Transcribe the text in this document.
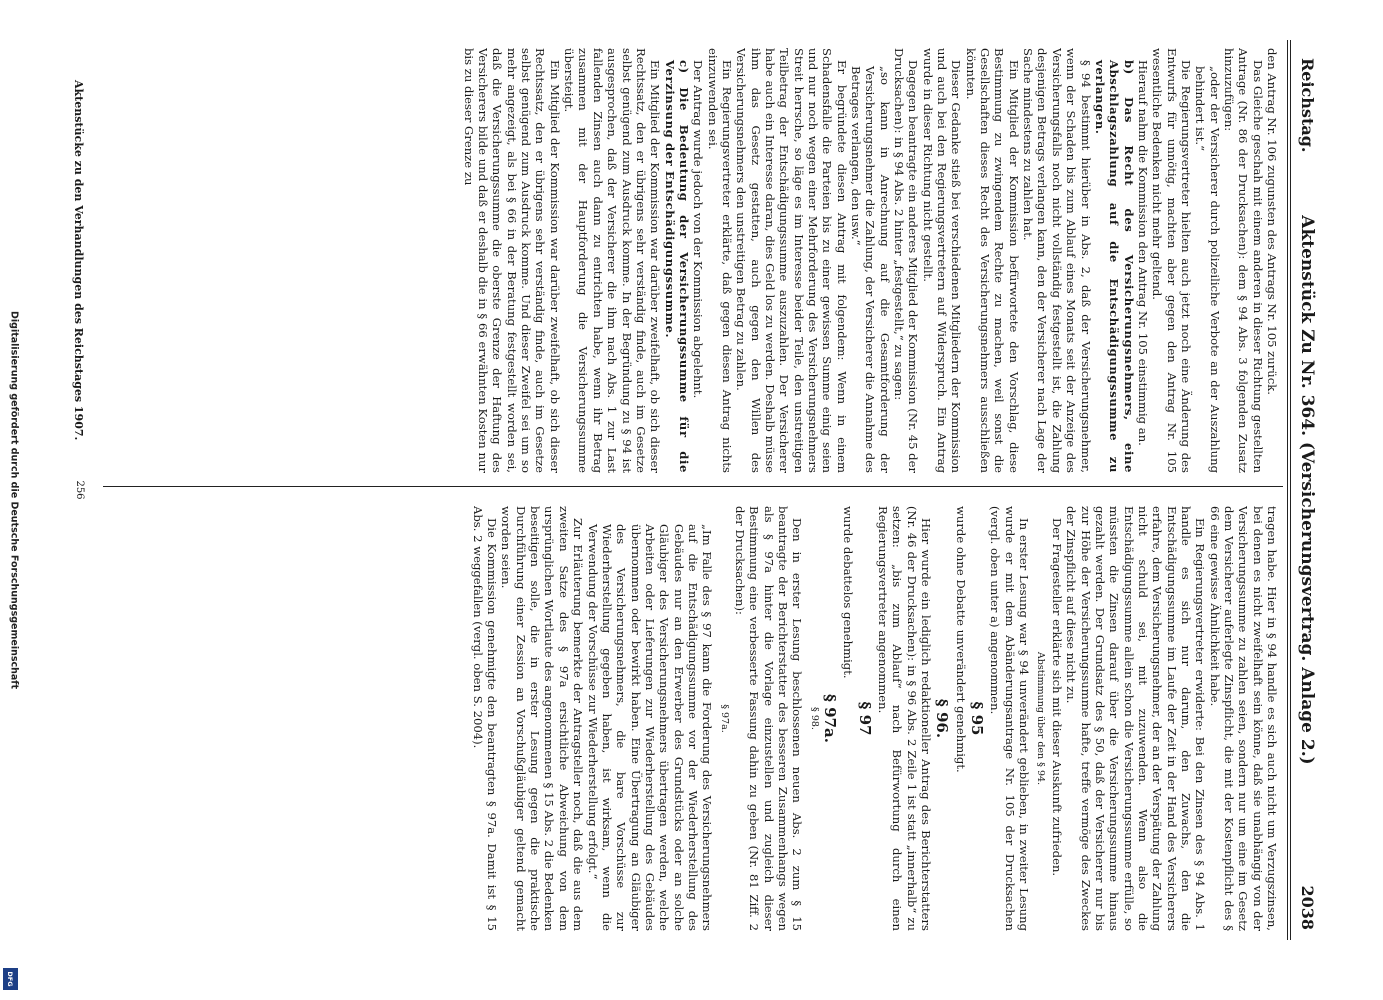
Reichstag.
Aktenstück Zu Nr. 364. (Versicherungsvertrag. Anlage 2.)
2038

den Antrag Nr. 106 zugunsten des Antrags Nr. 105 zurück.

Das Gleiche geschah mit einem anderen in dieser Richtung gestellten Antrage (Nr. 86 der Drucksachen): dem § 94 Abs. 3 folgenden Zusatz hinzuzufügen:

„oder der Versicherer durch polizeiliche Verbote an der Auszahlung behindert ist.“

Die Regierungsvertreter hielten auch jetzt noch eine Änderung des Entwurfs für unnötig, machten aber gegen den Antrag Nr. 105 wesentliche Bedenken nicht mehr geltend.

Hierauf nahm die Kommission den Antrag Nr. 105 einstimmig an.

b) Das Recht des Versicherungsnehmers, eine Abschlagszahlung auf die Entschädigungssumme zu verlangen.

§ 94 bestimmt hierüber in Abs. 2, daß der Versicherungsnehmer, wenn der Schaden bis zum Ablauf eines Monats seit der Anzeige des Versicherungsfalls noch nicht vollständig festgestellt ist, die Zahlung desjenigen Betrags verlangen kann, den der Versicherer nach Lage der Sache mindestens zu zahlen hat.

Ein Mitglied der Kommission befürwortete den Vorschlag, diese Bestimmung zu zwingendem Rechte zu machen, weil sonst die Gesellschaften dieses Recht des Versicherungsnehmers ausschließen könnten.

Dieser Gedanke stieß bei verschiedenen Mitgliedern der Kommission und auch bei den Regierungsvertretern auf Widerspruch. Ein Antrag wurde in dieser Richtung nicht gestellt.

Dagegen beantragte ein anderes Mitglied der Kommission (Nr. 45 der Drucksachen): in § 94 Abs. 2 hinter „festgestellt,“ zu sagen:

„so kann in Anrechnung auf die Gesamtforderung der Versicherungsnehmer die Zahlung, der Versicherer die Annahme des Betrages verlangen, den usw.“

Er begründete diesen Antrag mit folgendem: Wenn in einem Schadensfalle die Parteien bis zu einer gewissen Summe einig seien und nur noch wegen einer Mehrforderung des Versicherungsnehmers Streit herrsche, so läge es im Interesse beider Teile, den unstreitigen Teilbetrag der Entschädigungssumme auszuzahlen. Der Versicherer habe auch ein Interesse daran, dies Geld los zu werden. Deshalb müsse ihm das Gesetz gestatten, auch gegen den Willen des Versicherungsnehmers den unstreitigen Betrag zu zahlen.

Ein Regierungsvertreter erklärte, daß gegen diesen Antrag nichts einzuwenden sei.

Der Antrag wurde jedoch von der Kommission abgelehnt.

c) Die Bedeutung der Versicherungssumme für die Verzinsung der Entschädigungssumme.

Ein Mitglied der Kommission war darüber zweifelhaft, ob sich dieser Rechtssatz, den er übrigens sehr verständig finde, auch im Gesetze selbst genügend zum Ausdruck komme. In der Begründung zu § 94 ist ausgesprochen, daß der Versicherer die ihm nach Abs. 1 zur Last fallenden Zinsen auch dann zu entrichten habe, wenn ihr Betrag zusammen mit der Hauptforderung die Versicherungssumme übersteigt.

Ein Mitglied der Kommission war darüber zweifelhaft, ob sich dieser Rechtssatz, den er übrigens sehr verständig finde, auch im Gesetze selbst genügend zum Ausdruck komme. Und dieser Zweifel sei um so mehr angezeigt, als bei § 66 in der Beratung festgestellt worden sei, daß die Versicherungssumme die oberste Grenze der Haftung des Versicherers bilde und daß er deshalb die in § 66 erwähnten Kosten nur bis zu dieser Grenze zu

tragen habe. Hier in § 94 handle es sich auch nicht um Verzugszinsen, bei denen es nicht zweifelhaft sein könne, daß sie unabhängig von der Versicherungssumme zu zahlen seien, sondern nur um eine im Gesetz dem Versicherer auferlegte Zinspflicht, die mit der Kostenpflicht des § 66 eine gewisse Ähnlichkeit habe.

Ein Regierungsvertreter erwiderte: Bei den Zinsen des § 94 Abs. 1 handle es sich nur darum, den Zuwachs, den die Entschädigungssumme im Laufe der Zeit in der Hand des Versicherers erfahre, dem Versicherungsnehmer, der an der Verspätung der Zahlung nicht schuld sei, mit zuzuwenden. Wenn also die Entschädigungssumme allein schon die Versicherungssumme erfülle, so müssten die Zinsen darauf über die Versicherungssumme hinaus gezahlt werden. Der Grundsatz des § 50, daß der Versicherer nur bis zur Höhe der Versicherungssumme hafte, treffe vermöge des Zweckes der Zinspflicht auf diese nicht zu.

Der Fragesteller erklärte sich mit dieser Auskunft zufrieden.

Abstimmung über den § 94.

In erster Lesung war § 94 unverändert geblieben, in zweiter Lesung wurde er mit dem Abänderungsantrage Nr. 105 der Drucksachen (vergl. oben unter a) angenommen.

§ 95

wurde ohne Debatte unverändert genehmigt.

§ 96.

Hier wurde ein lediglich redaktioneller Antrag des Berichterstatters (Nr. 46 der Drucksachen): in § 96 Abs. 2 Zeile 1 ist statt „innerhalb“ zu setzen: „bis zum Ablauf“ nach Befürwortung durch einen Regierungsvertreter angenommen.

§ 97

wurde debattelos genehmigt.

§ 97a.

§ 98.

Den in erster Lesung beschlossenen neuen Abs. 2 zum § 15 beantragte der Berichterstatter des besseren Zusammenhangs wegen als § 97a hinter die Vorlage einzustellen und zugleich dieser Bestimmung eine verbesserte Fassung dahin zu geben (Nr. 81 Ziff. 2 der Drucksachen):

§ 97a.

„Im Falle des § 97 kann die Forderung des Versicherungsnehmers auf die Entschädigungssumme vor der Wiederherstellung des Gebäudes nur an den Erwerber des Grundstücks oder an solche Gläubiger des Versicherungsnehmers übertragen werden, welche Arbeiten oder Lieferungen zur Wiederherstellung des Gebäudes übernommen oder bewirkt haben. Eine Übertragung an Gläubiger des Versicherungsnehmers, die bare Vorschüsse zur Wiederherstellung gegeben haben, ist wirksam, wenn die Verwendung der Vorschüsse zur Wiederherstellung erfolgt.“

Zur Erläuterung bemerkte der Antragsteller noch, daß die aus dem zweiten Satze des § 97a ersichtliche Abweichung von dem ursprünglichen Wortlaute des angenommenen § 15 Abs. 2 die Bedenken beseitigen solle, die in erster Lesung gegen die praktische Durchführung einer Zession an Vorschußgläubiger geltend gemacht worden seien.

Die Kommission genehmigte den beantragten § 97a. Damit ist § 15 Abs. 2 weggefallen (vergl. oben S. 2004).

Aktenstücke zu den Verhandlungen des Reichstages 1907.
256
Digitalisierung gefördert durch die Deutsche Forschungsgemeinschaft
DFG
